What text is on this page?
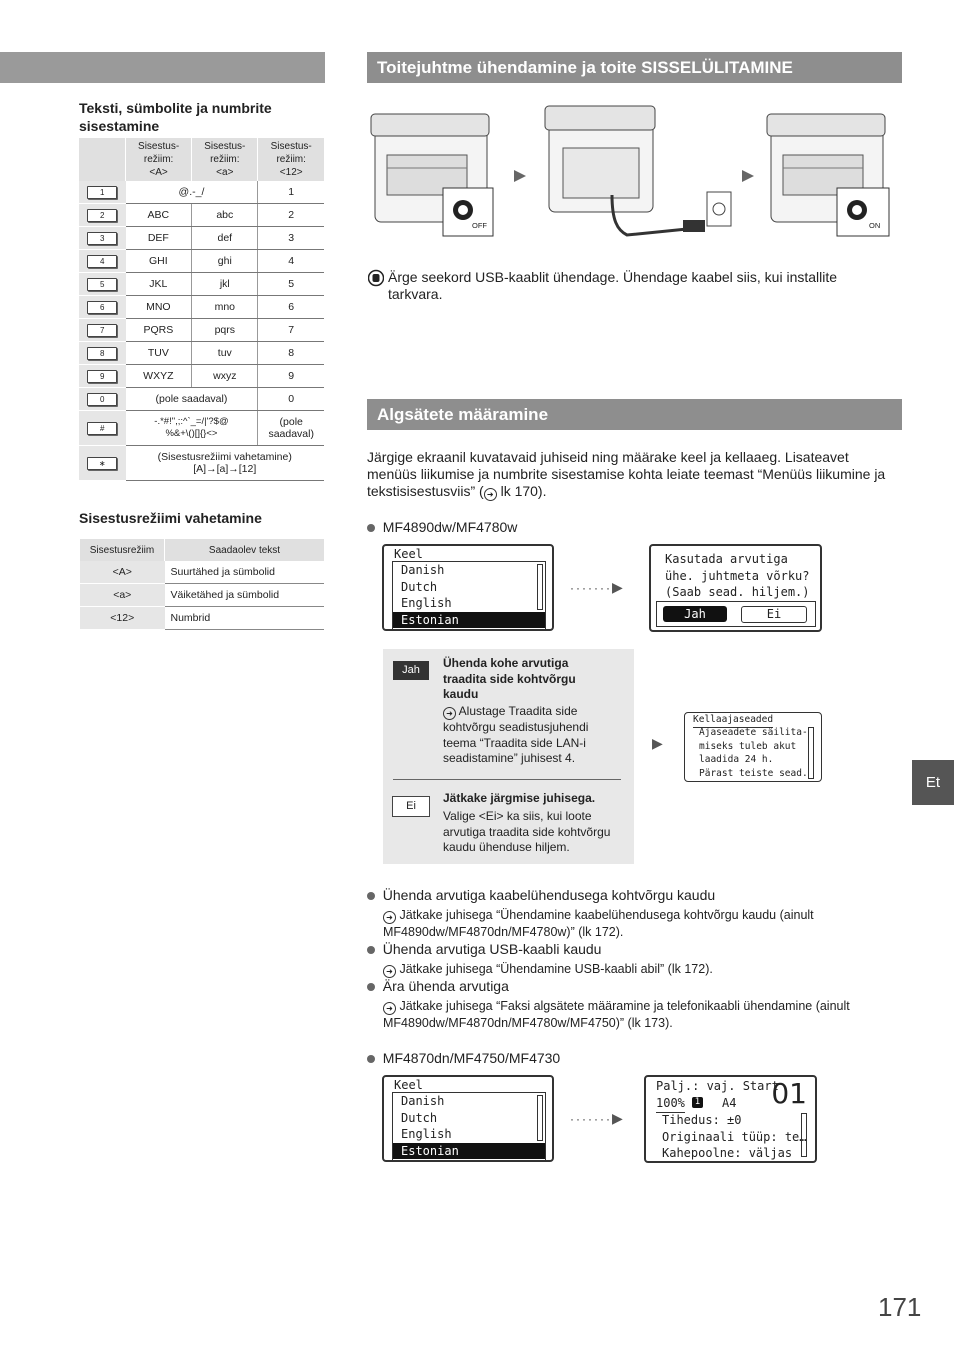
Teksti, sümbolite ja numbrite sisestamine
	Sisestus-
režiim:
<A>	Sisestus-
režiim:
<a>	Sisestus-
režiim:
<12>
1	@.-_/		1
2	ABC	abc	2
3	DEF	def	3
4	GHI	ghi	4
5	JKL	jkl	5
6	MNO	mno	6
7	PQRS	pqrs	7
8	TUV	tuv	8
9	WXYZ	wxyz	9
0	(pole saadaval)		0
#	-.*#!",;:^`_=/|'?$@
%&+\()[]{}<>		(pole
saadaval)
∗	(Sisestusrežiimi vahetamine)
[A]→[a]→[12]		
Sisestusrežiimi vahetamine
Sisestusrežiim	Saadaolev tekst
<A>	Suurtähed ja sümbolid
<a>	Väiketähed ja sümbolid
<12>	Numbrid
Toitejuhtme ühendamine ja toite SISSELÜLITAMINE
OFF	ON
Ärge seekord USB-kaablit ühendage. Ühendage kaabel siis, kui installite tarkvara.
Algsätete määramine
Järgige ekraanil kuvatavaid juhiseid ning määrake keel ja kellaaeg. Lisateavet menüüs liikumise ja numbrite sisestamise kohta leiate teemast “Menüüs liikumine ja tekstisisestusviis” ( ➜ lk 170).
MF4890dw/MF4780w
Keel
Danish
Dutch
English
Estonian
·······▶
Kasutada arvutiga
ühe. juhtmeta võrku?
(Saab sead. hiljem.)
Jah	Ei
Jah	Ühenda kohe arvutiga traadita side kohtvõrgu kaudu
➜ Alustage Traadita side kohtvõrgu seadistusjuhendi teema “Traadita side LAN-i seadistamine” juhisest 4.
Ei
Jätkake järgmise juhisega.
Valige <Ei> ka siis, kui loote arvutiga traadita side kohtvõrgu kaudu ühenduse hiljem.
▶
Kellaajaseaded
Ajaseadete säilita-
miseks tuleb akut
laadida 24 h.
Pärast teiste sead.
Ühenda arvutiga kaabelühendusega kohtvõrgu kaudu
➜ Jätkake juhisega “Ühendamine kaabelühendusega kohtvõrgu kaudu (ainult MF4890dw/MF4870dn/MF4780w)” (lk 172).
Ühenda arvutiga USB-kaabli kaudu
➜ Jätkake juhisega “Ühendamine USB-kaabli abil” (lk 172).
Ära ühenda arvutiga
➜ Jätkake juhisega “Faksi algsätete määramine ja telefonikaabli ühendamine (ainult MF4890dw/MF4870dn/MF4780w/MF4750)” (lk 173).
MF4870dn/MF4750/MF4730
Keel
Danish
Dutch
English
Estonian
·······▶
Palj.: vaj. Start
100%	1 A4 01
Tihedus: ±0
Originaali tüüp: te…
Kahepoolne: väljas
Et
171
